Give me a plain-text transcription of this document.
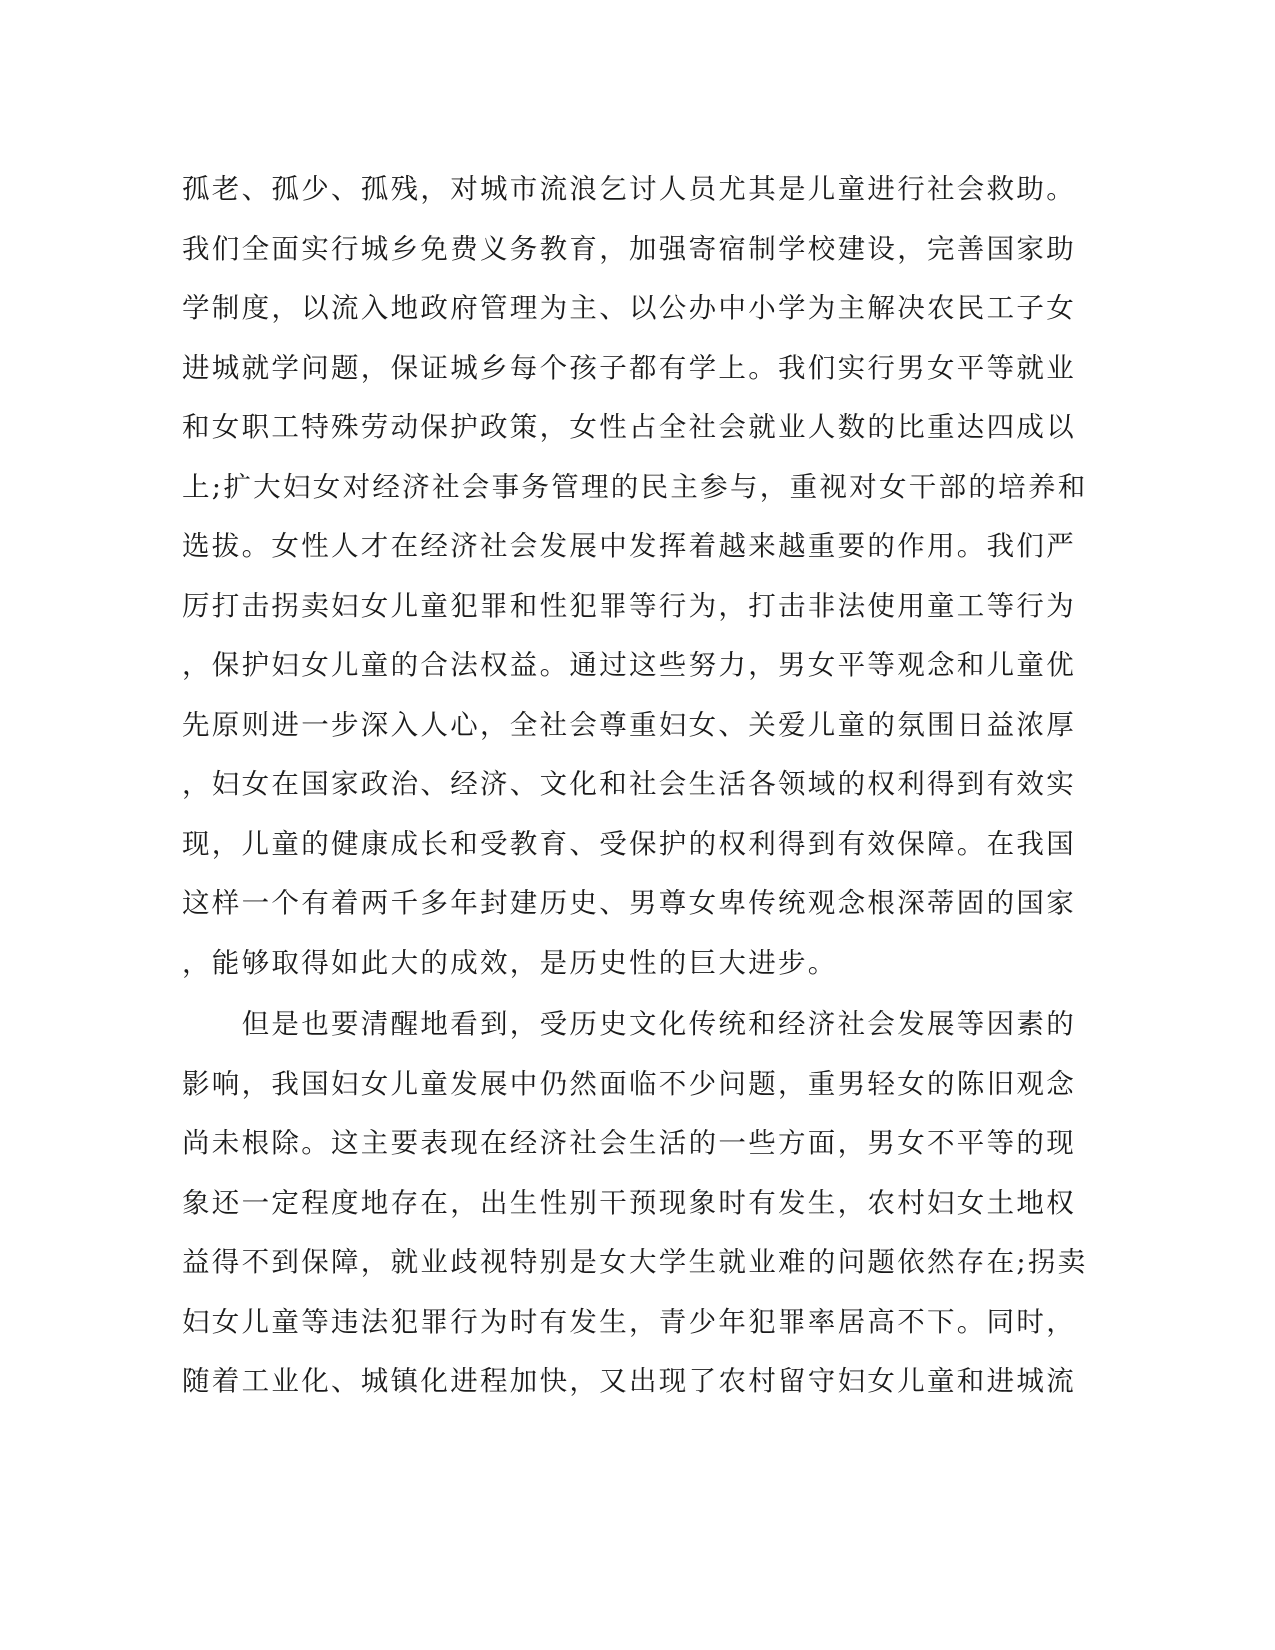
孤老、孤少、孤残，对城市流浪乞讨人员尤其是儿童进行社会救助。
我们全面实行城乡免费义务教育，加强寄宿制学校建设，完善国家助
学制度，以流入地政府管理为主、以公办中小学为主解决农民工子女
进城就学问题，保证城乡每个孩子都有学上。我们实行男女平等就业
和女职工特殊劳动保护政策，女性占全社会就业人数的比重达四成以
上;扩大妇女对经济社会事务管理的民主参与，重视对女干部的培养和
选拔。女性人才在经济社会发展中发挥着越来越重要的作用。我们严
厉打击拐卖妇女儿童犯罪和性犯罪等行为，打击非法使用童工等行为
，保护妇女儿童的合法权益。通过这些努力，男女平等观念和儿童优
先原则进一步深入人心，全社会尊重妇女、关爱儿童的氛围日益浓厚
，妇女在国家政治、经济、文化和社会生活各领域的权利得到有效实
现，儿童的健康成长和受教育、受保护的权利得到有效保障。在我国
这样一个有着两千多年封建历史、男尊女卑传统观念根深蒂固的国家
，能够取得如此大的成效，是历史性的巨大进步。
　　但是也要清醒地看到，受历史文化传统和经济社会发展等因素的
影响，我国妇女儿童发展中仍然面临不少问题，重男轻女的陈旧观念
尚未根除。这主要表现在经济社会生活的一些方面，男女不平等的现
象还一定程度地存在，出生性别干预现象时有发生，农村妇女土地权
益得不到保障，就业歧视特别是女大学生就业难的问题依然存在;拐卖
妇女儿童等违法犯罪行为时有发生，青少年犯罪率居高不下。同时，
随着工业化、城镇化进程加快，又出现了农村留守妇女儿童和进城流
